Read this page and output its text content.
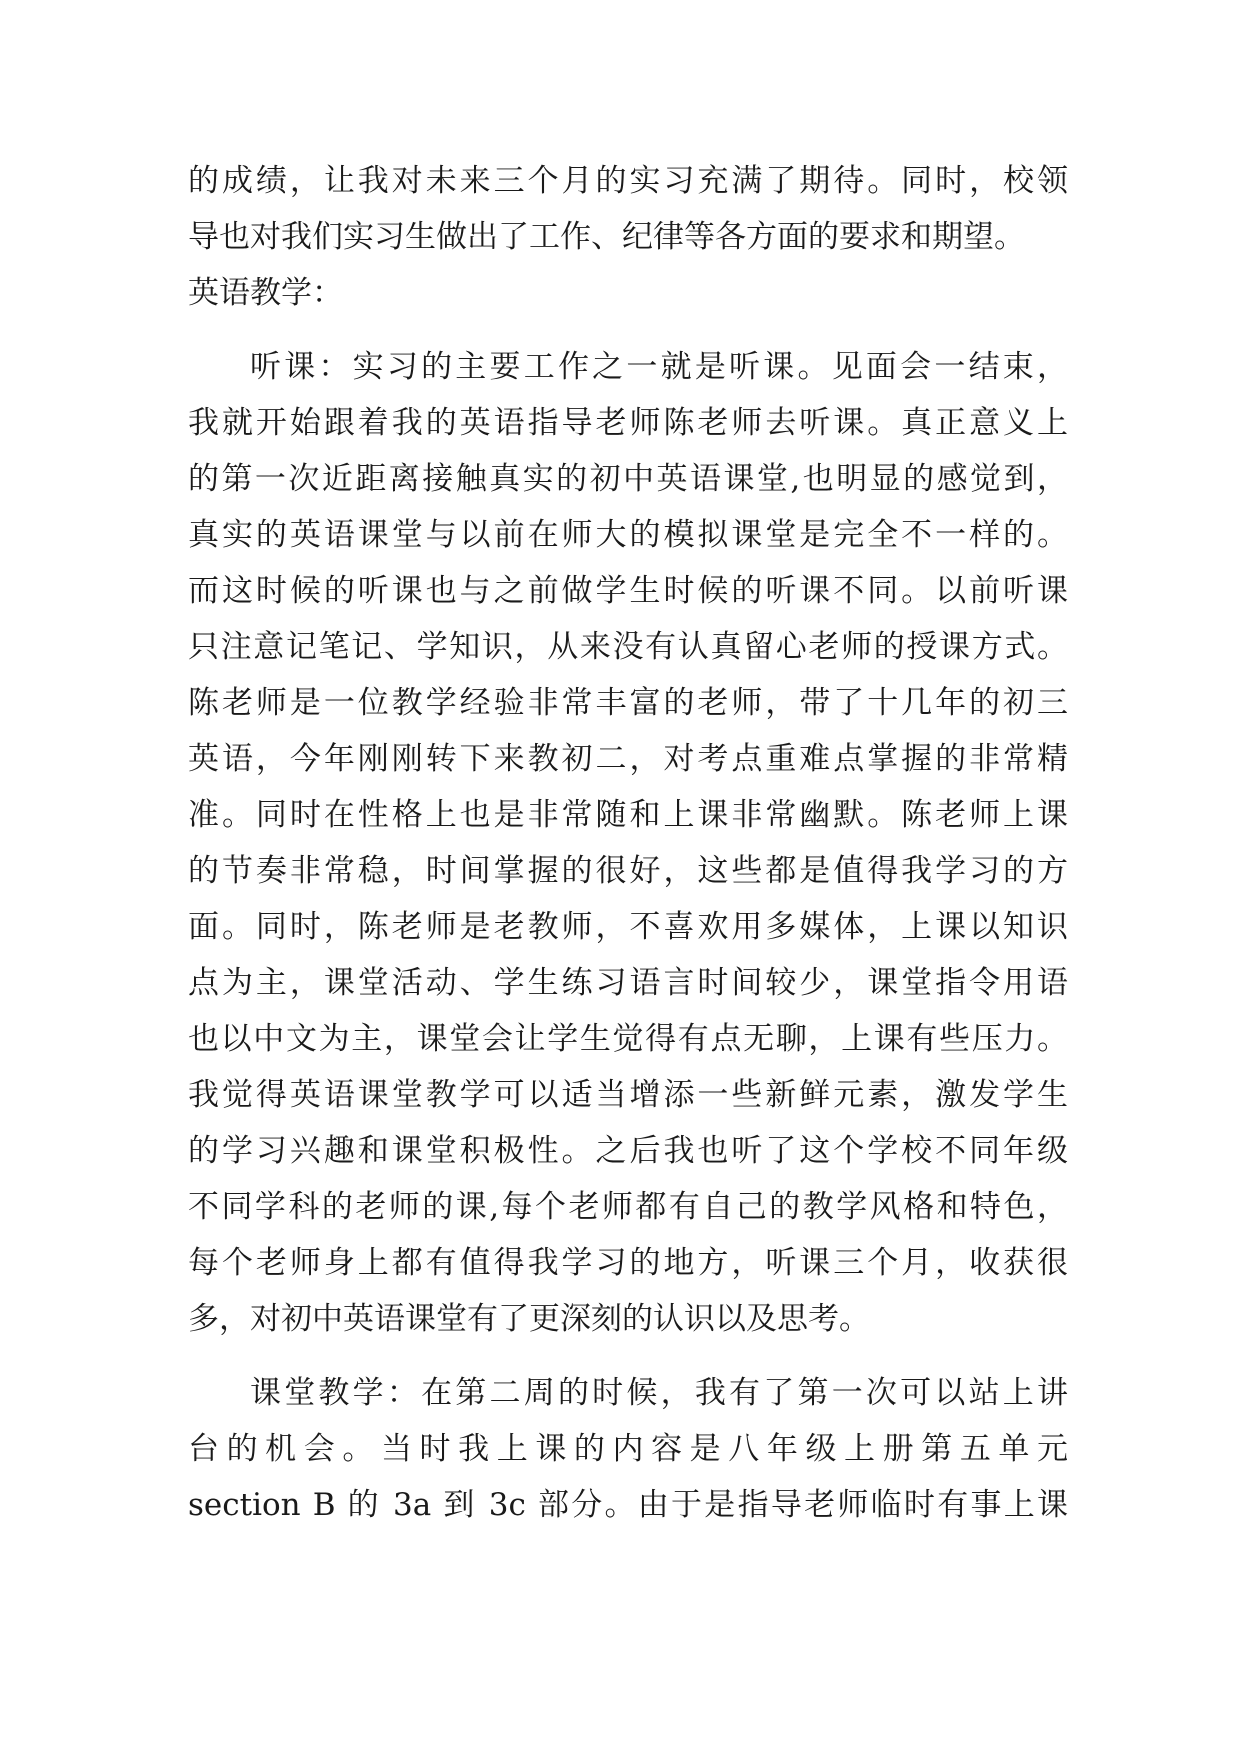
的成绩，让我对未来三个月的实习充满了期待。同时，校领
导也对我们实习生做出了工作、纪律等各方面的要求和期望。
英语教学：
听课：实习的主要工作之一就是听课。见面会一结束，
我就开始跟着我的英语指导老师陈老师去听课。真正意义上
的第一次近距离接触真实的初中英语课堂,也明显的感觉到，
真实的英语课堂与以前在师大的模拟课堂是完全不一样的。
而这时候的听课也与之前做学生时候的听课不同。以前听课
只注意记笔记、学知识，从来没有认真留心老师的授课方式。
陈老师是一位教学经验非常丰富的老师，带了十几年的初三
英语，今年刚刚转下来教初二，对考点重难点掌握的非常精
准。同时在性格上也是非常随和上课非常幽默。陈老师上课
的节奏非常稳，时间掌握的很好，这些都是值得我学习的方
面。同时，陈老师是老教师，不喜欢用多媒体，上课以知识
点为主，课堂活动、学生练习语言时间较少，课堂指令用语
也以中文为主，课堂会让学生觉得有点无聊，上课有些压力。
我觉得英语课堂教学可以适当增添一些新鲜元素，激发学生
的学习兴趣和课堂积极性。之后我也听了这个学校不同年级
不同学科的老师的课,每个老师都有自己的教学风格和特色，
每个老师身上都有值得我学习的地方，听课三个月，收获很
多，对初中英语课堂有了更深刻的认识以及思考。
课堂教学：在第二周的时候，我有了第一次可以站上讲
台的机会。当时我上课的内容是八年级上册第五单元
section B 的 3a 到 3c 部分。由于是指导老师临时有事上课
